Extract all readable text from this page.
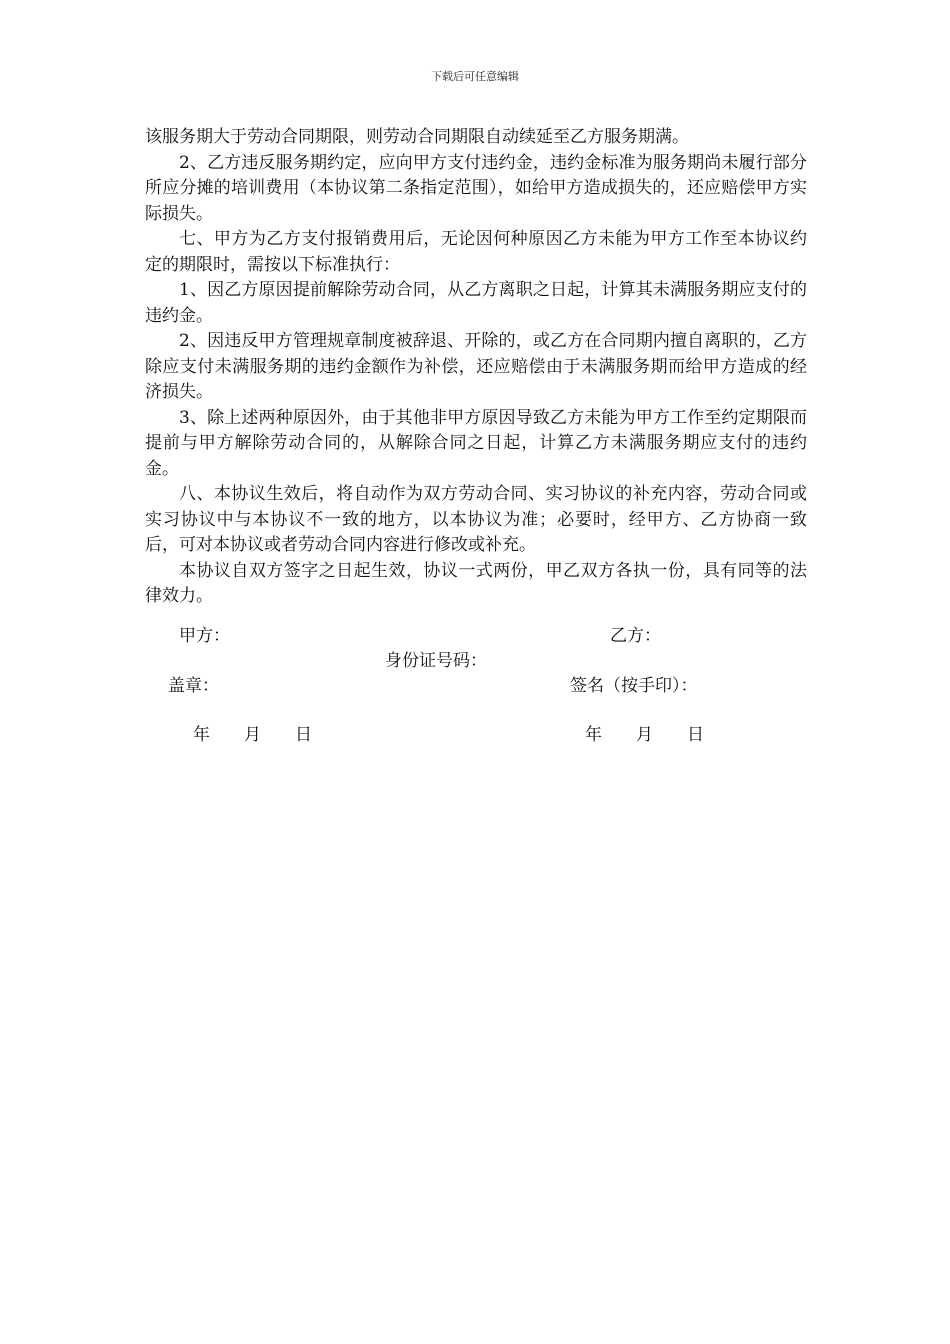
下载后可任意编辑

该服务期大于劳动合同期限，则劳动合同期限自动续延至乙方服务期满。

2、乙方违反服务期约定，应向甲方支付违约金，违约金标准为服务期尚未履行部分所应分摊的培训费用（本协议第二条指定范围），如给甲方造成损失的，还应赔偿甲方实际损失。

七、甲方为乙方支付报销费用后，无论因何种原因乙方未能为甲方工作至本协议约定的期限时，需按以下标准执行：

1、因乙方原因提前解除劳动合同，从乙方离职之日起，计算其未满服务期应支付的违约金。

2、因违反甲方管理规章制度被辞退、开除的，或乙方在合同期内擅自离职的，乙方除应支付未满服务期的违约金额作为补偿，还应赔偿由于未满服务期而给甲方造成的经济损失。

3、除上述两种原因外，由于其他非甲方原因导致乙方未能为甲方工作至约定期限而提前与甲方解除劳动合同的，从解除合同之日起，计算乙方未满服务期应支付的违约金。

八、本协议生效后，将自动作为双方劳动合同、实习协议的补充内容，劳动合同或实习协议中与本协议不一致的地方，以本协议为准；必要时，经甲方、乙方协商一致后，可对本协议或者劳动合同内容进行修改或补充。

本协议自双方签字之日起生效，协议一式两份，甲乙双方各执一份，具有同等的法律效力。

甲方：	乙方：
身份证号码：
盖章：	签名（按手印）：
年　　月　　日	年　　月　　日
